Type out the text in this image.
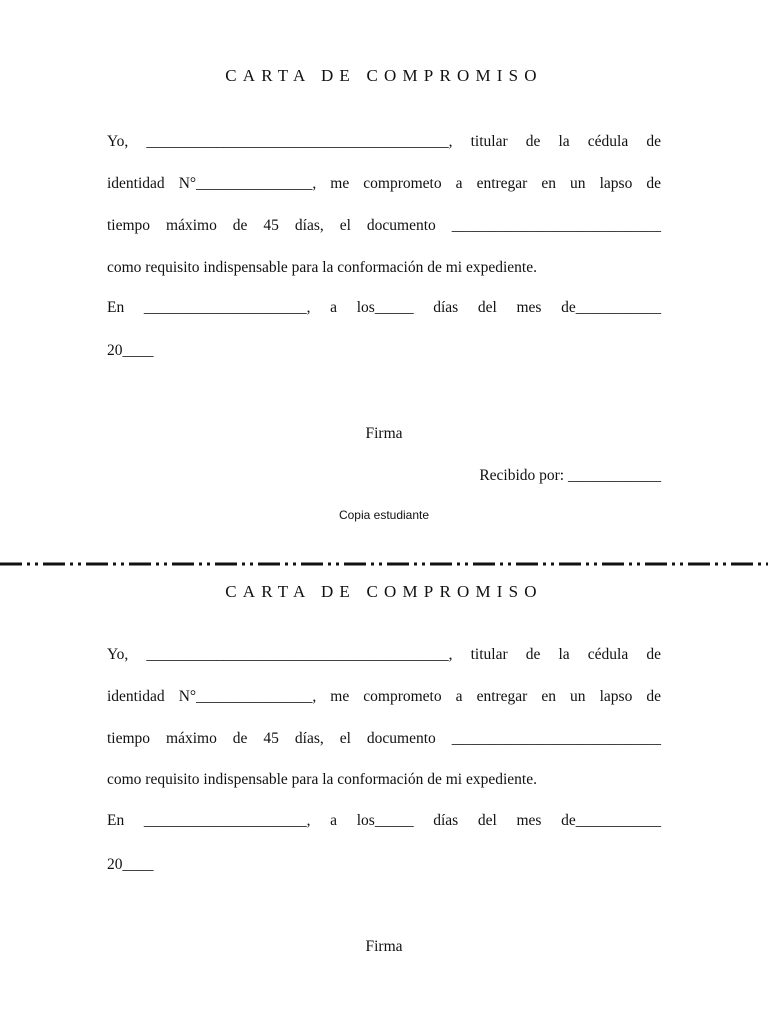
CARTA DE COMPROMISO
Yo, _______________________________________, titular de la cédula de
identidad N°_______________, me comprometo a entregar en un lapso de
tiempo máximo de 45 días, el documento ___________________________
como requisito indispensable para la conformación de mi expediente.
En _____________________, a los_____ días del mes de___________
20____
Firma
Recibido por: ____________
Copia estudiante
CARTA DE COMPROMISO
Yo, _______________________________________, titular de la cédula de
identidad N°_______________, me comprometo a entregar en un lapso de
tiempo máximo de 45 días, el documento ___________________________
como requisito indispensable para la conformación de mi expediente.
En _____________________, a los_____ días del mes de___________
20____
Firma
